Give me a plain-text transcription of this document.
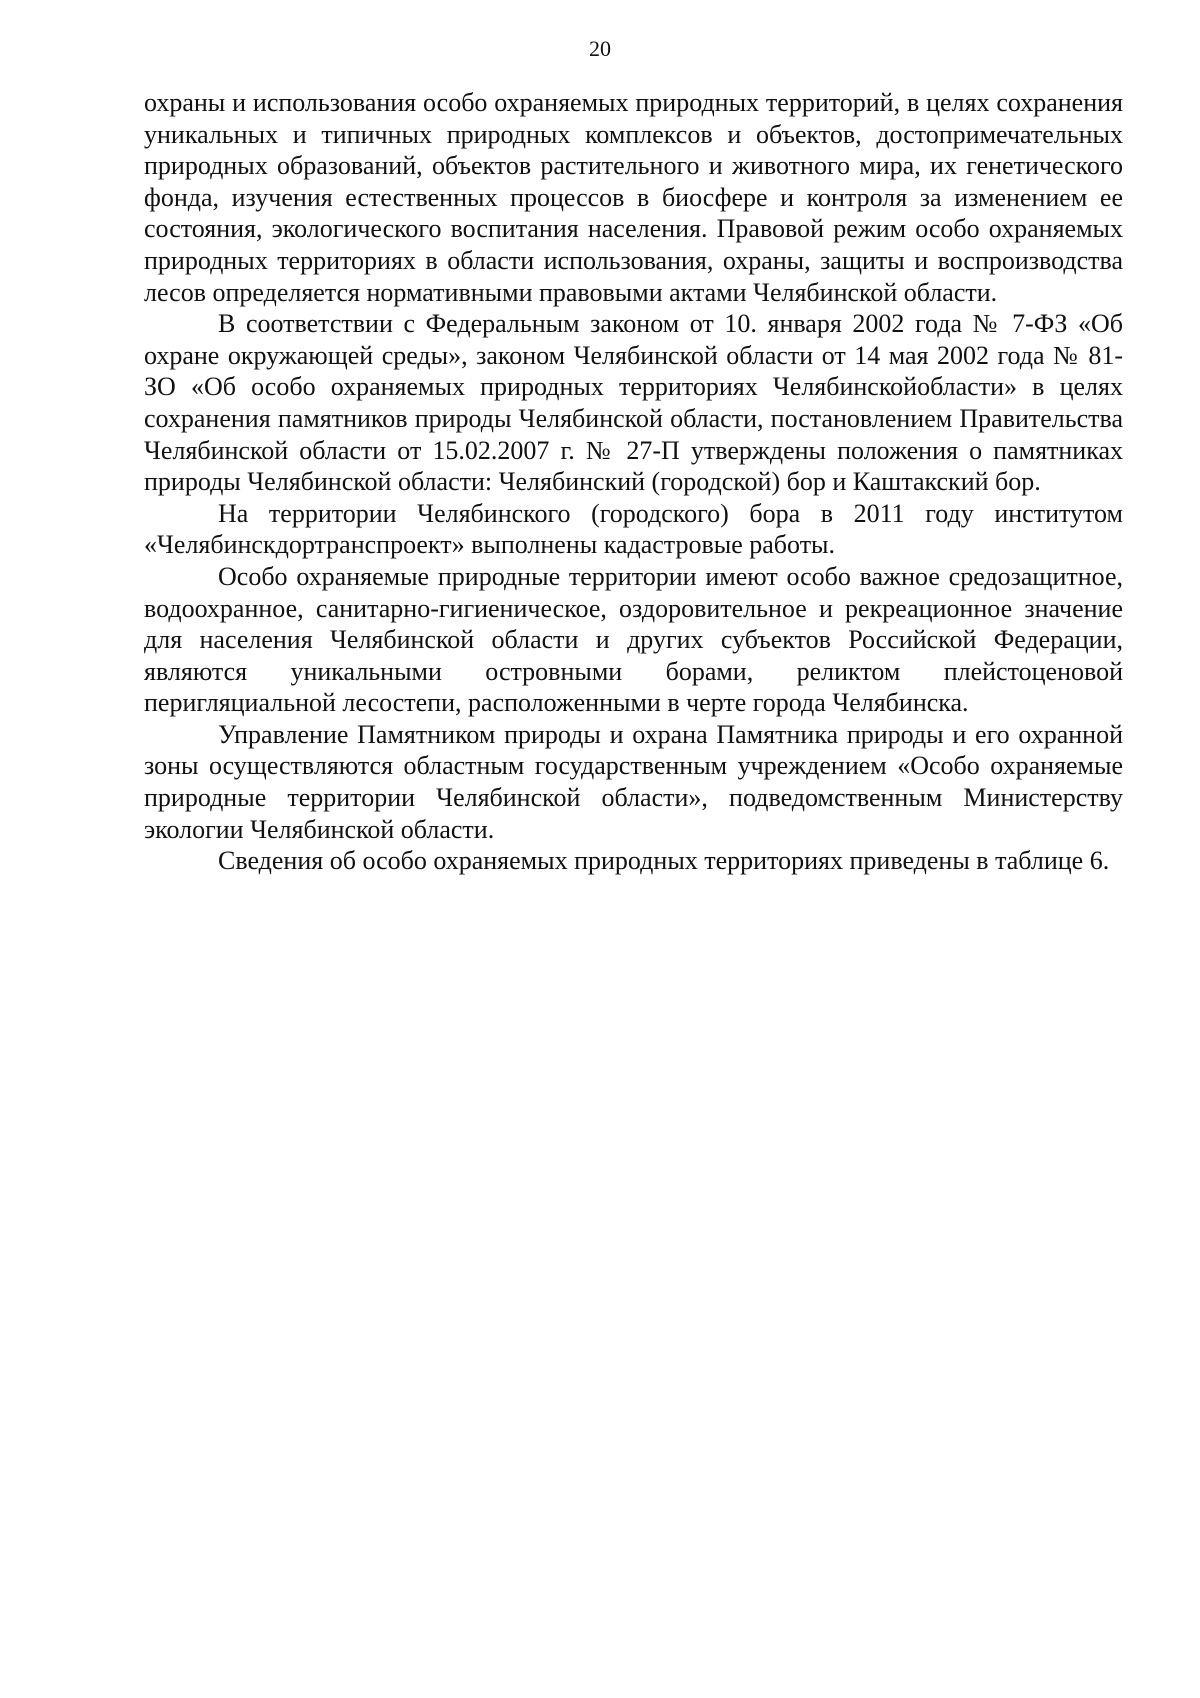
20

охраны и использования особо охраняемых природных территорий, в целях сохранения уникальных и типичных природных комплексов и объектов, достопримечательных природных образований, объектов растительного и животного мира, их генетического фонда, изучения естественных процессов в биосфере и контроля за изменением ее состояния, экологического воспитания населения. Правовой режим особо охраняемых природных территориях в области использования, охраны, защиты и воспроизводства лесов определяется нормативными правовыми актами Челябинской области.

В соответствии с Федеральным законом от 10. января 2002 года № 7-ФЗ «Об охране окружающей среды», законом Челябинской области от 14 мая 2002 года № 81-ЗО «Об особо охраняемых природных территориях Челябинскойобласти» в целях сохранения памятников природы Челябинской области, постановлением Правительства Челябинской области от 15.02.2007 г. № 27-П утверждены положения о памятниках природы Челябинской области: Челябинский (городской) бор и Каштакский бор.

На территории Челябинского (городского) бора в 2011 году институтом «Челябинскдортранспроект» выполнены кадастровые работы.

Особо охраняемые природные территории имеют особо важное средозащитное, водоохранное, санитарно-гигиеническое, оздоровительное и рекреационное значение для населения Челябинской области и других субъектов Российской Федерации, являются уникальными островными борами, реликтом плейстоценовой перигляциальной лесостепи, расположенными в черте города Челябинска.

Управление Памятником природы и охрана Памятника природы и его охранной зоны осуществляются областным государственным учреждением «Особо охраняемые природные территории Челябинской области», подведомственным Министерству экологии Челябинской области.

Сведения об особо охраняемых природных территориях приведены в таблице 6.
